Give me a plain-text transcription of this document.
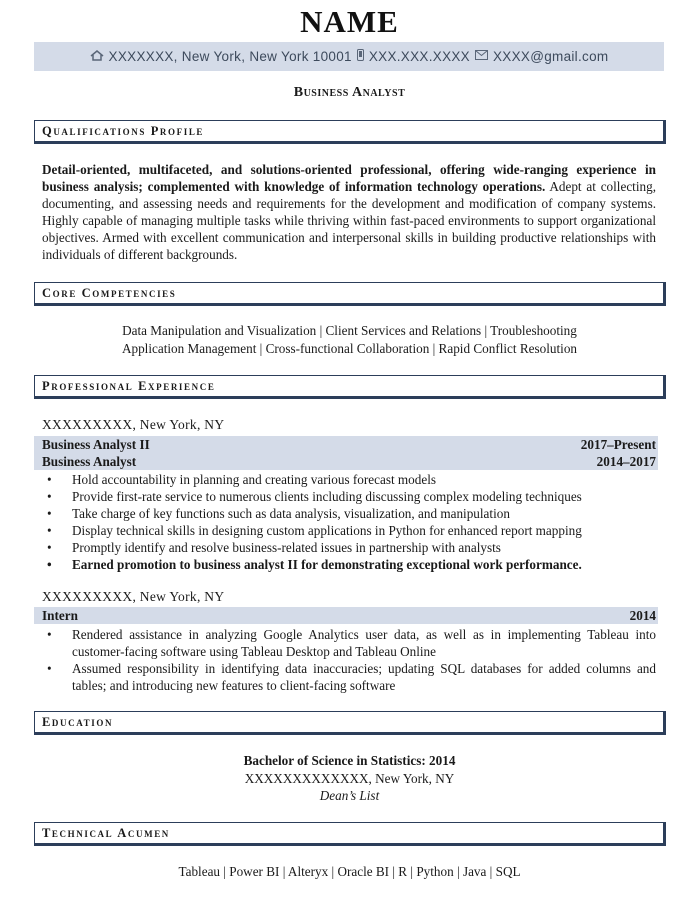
NAME
XXXXXXX, New York, New York 10001 XXX.XXX.XXXX XXXX@gmail.com
Business Analyst
Qualifications Profile
Detail-oriented, multifaceted, and solutions-oriented professional, offering wide-ranging experience in business analysis; complemented with knowledge of information technology operations. Adept at collecting, documenting, and assessing needs and requirements for the development and modification of company systems. Highly capable of managing multiple tasks while thriving within fast-paced environments to support organizational objectives. Armed with excellent communication and interpersonal skills in building productive relationships with individuals of different backgrounds.
Core Competencies
Data Manipulation and Visualization | Client Services and Relations | Troubleshooting
Application Management | Cross-functional Collaboration | Rapid Conflict Resolution
Professional Experience
XXXXXXXXX, New York, NY
Business Analyst II	2017–Present
Business Analyst	2014–2017
• Hold accountability in planning and creating various forecast models
• Provide first-rate service to numerous clients including discussing complex modeling techniques
• Take charge of key functions such as data analysis, visualization, and manipulation
• Display technical skills in designing custom applications in Python for enhanced report mapping
• Promptly identify and resolve business-related issues in partnership with analysts
• Earned promotion to business analyst II for demonstrating exceptional work performance.
XXXXXXXXX, New York, NY
Intern	2014
• Rendered assistance in analyzing Google Analytics user data, as well as in implementing Tableau into customer-facing software using Tableau Desktop and Tableau Online
• Assumed responsibility in identifying data inaccuracies; updating SQL databases for added columns and tables; and introducing new features to client-facing software
Education
Bachelor of Science in Statistics: 2014
XXXXXXXXXXXXX, New York, NY
Dean’s List
Technical Acumen
Tableau | Power BI | Alteryx | Oracle BI | R | Python | Java | SQL
